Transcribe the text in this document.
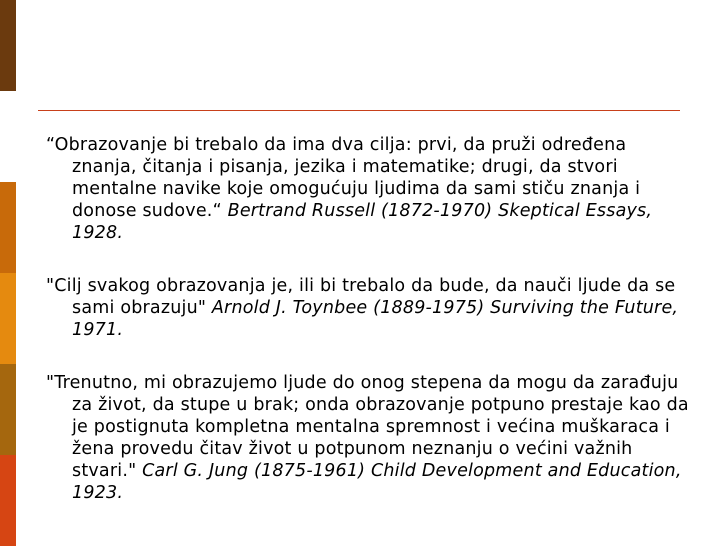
“Obrazovanje bi trebalo da ima dva cilja: prvi, da pruži određena znanja, čitanja i pisanja, jezika i matematike; drugi, da stvori mentalne navike koje omogućuju ljudima da sami stiču znanja i donose sudove.“ Bertrand Russell (1872-1970) Skeptical Essays, 1928.

"Cilj svakog obrazovanja je, ili bi trebalo da bude, da nauči ljude da se sami obrazuju" Arnold J. Toynbee (1889-1975) Surviving the Future, 1971.

"Trenutno, mi obrazujemo ljude do onog stepena da mogu da zarađuju za život, da stupe u brak; onda obrazovanje potpuno prestaje kao da je postignuta kompletna mentalna spremnost i većina muškaraca i žena provedu čitav život u potpunom neznanju o većini važnih stvari." Carl G. Jung (1875-1961) Child Development and Education, 1923.
